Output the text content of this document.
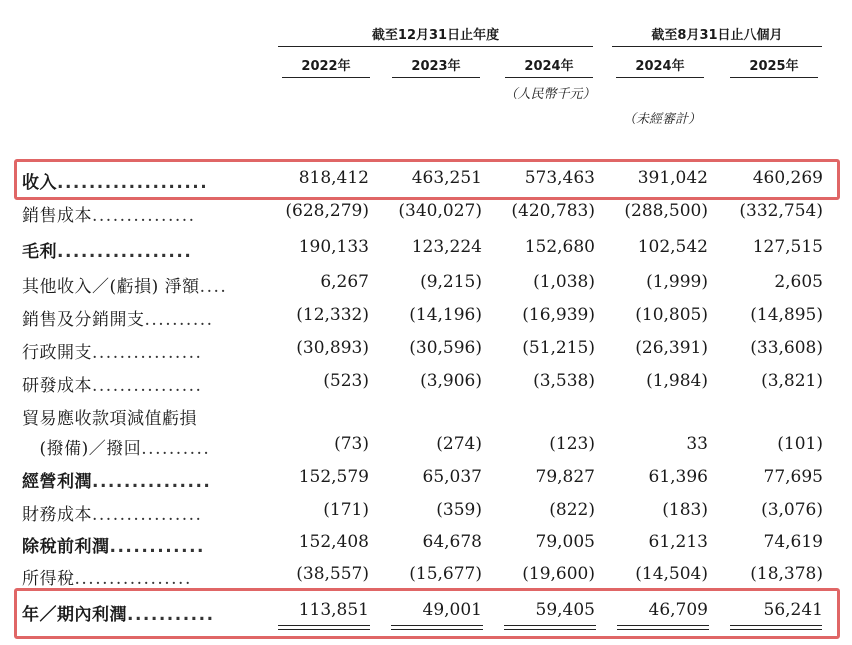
截至12月31日止年度	截至8月31日止八個月
2022年	2023年	2024年	2024年	2025年
（人民幣千元）
（未經審計）
收入...................	818,412	463,251	573,463	391,042	460,269
銷售成本...............	(628,279) (340,027) (420,783) (288,500) (332,754)
毛利.................	190,133	123,224	152,680	102,542	127,515
其他收入／(虧損) 淨額....	6,267	(9,215)	(1,038)	(1,999)	2,605
銷售及分銷開支..........	(12,332) (14,196) (16,939) (10,805) (14,895)
行政開支................	(30,893) (30,596) (51,215) (26,391) (33,608)
研發成本................	(523)	(3,906)	(3,538)	(1,984)	(3,821)
貿易應收款項減值虧損
　(撥備)／撥回..........	(73)	(274)	(123)	33	(101)
經營利潤...............	152,579	65,037	79,827	61,396	77,695
財務成本................	(171)	(359)	(822)	(183)	(3,076)
除稅前利潤............	152,408	64,678	79,005	61,213	74,619
所得稅.................	(38,557) (15,677) (19,600) (14,504) (18,378)
年／期內利潤...........	113,851	49,001	59,405	46,709	56,241
